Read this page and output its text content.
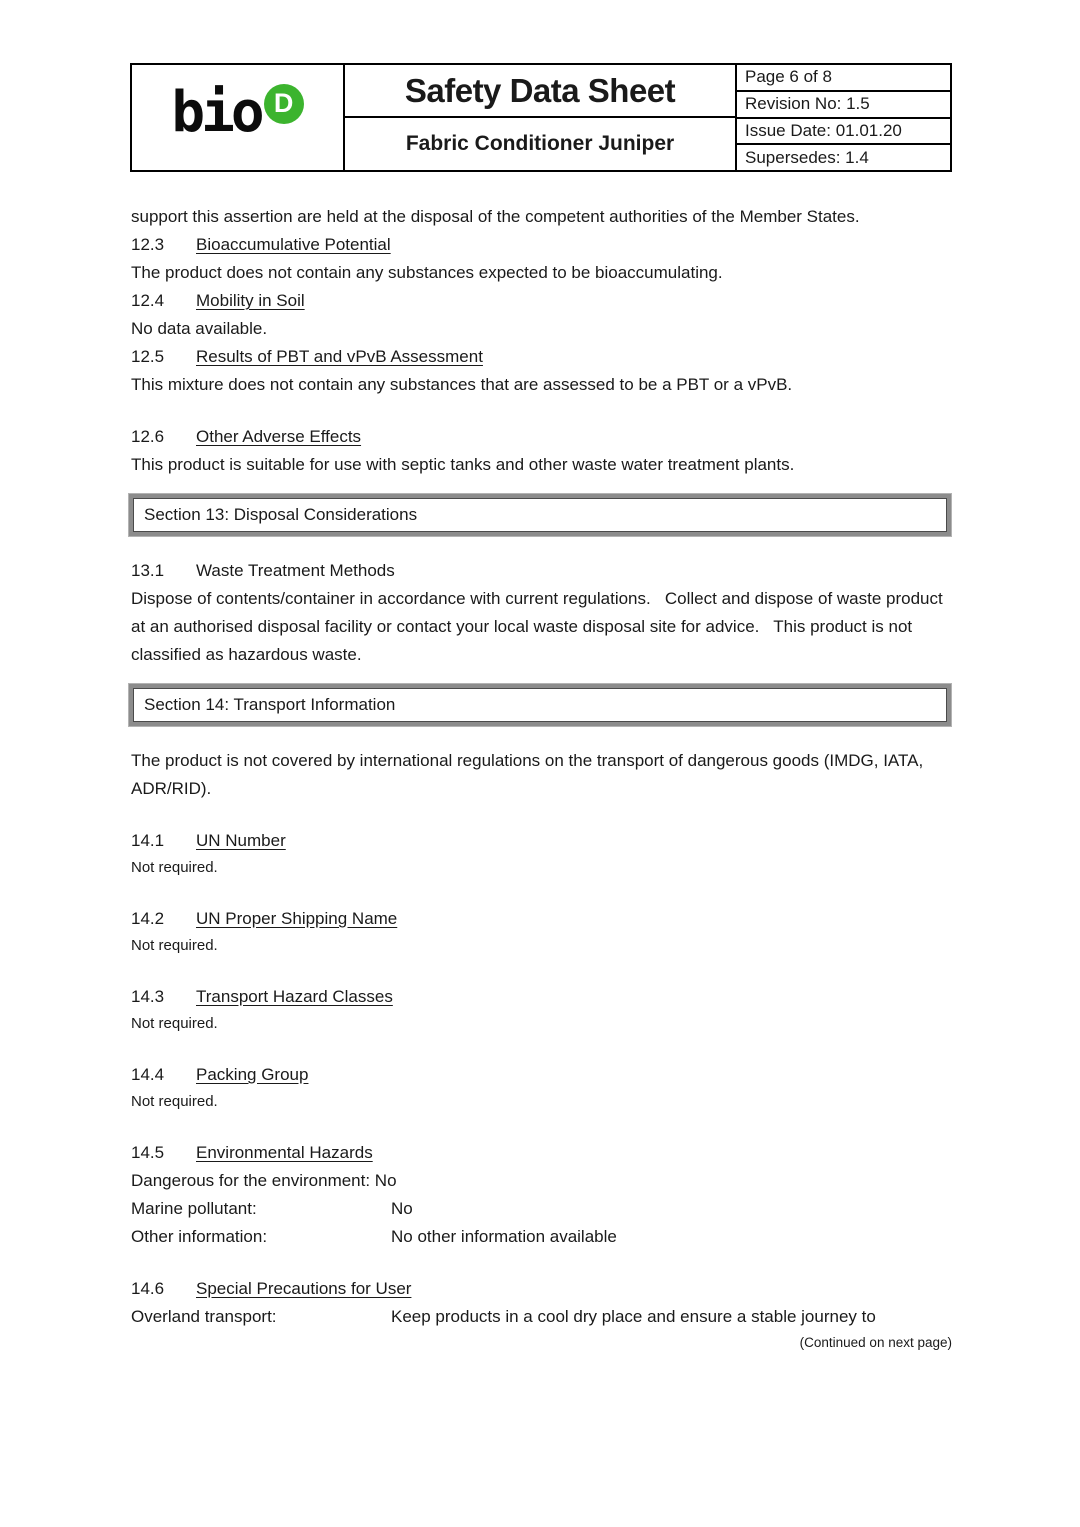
bio D	Safety Data Sheet
Fabric Conditioner Juniper
Page 6 of 8
Revision No: 1.5
Issue Date: 01.01.20
Supersedes: 1.4
support this assertion are held at the disposal of the competent authorities of the Member States.
12.3	Bioaccumulative Potential
The product does not contain any substances expected to be bioaccumulating.
12.4	Mobility in Soil
No data available.
12.5	Results of PBT and vPvB Assessment
This mixture does not contain any substances that are assessed to be a PBT or a vPvB.
12.6	Other Adverse Effects
This product is suitable for use with septic tanks and other waste water treatment plants.
Section 13: Disposal Considerations
13.1	Waste Treatment Methods
Dispose of contents/container in accordance with current regulations.   Collect and dispose of waste product at an authorised disposal facility or contact your local waste disposal site for advice.   This product is not classified as hazardous waste.
Section 14: Transport Information
The product is not covered by international regulations on the transport of dangerous goods (IMDG, IATA, ADR/RID).
14.1	UN Number
Not required.
14.2	UN Proper Shipping Name
Not required.
14.3	Transport Hazard Classes
Not required.
14.4	Packing Group
Not required.
14.5	Environmental Hazards
Dangerous for the environment: No
Marine pollutant:	No
Other information:	No other information available
14.6	Special Precautions for User
Overland transport:	Keep products in a cool dry place and ensure a stable journey to
(Continued on next page)
